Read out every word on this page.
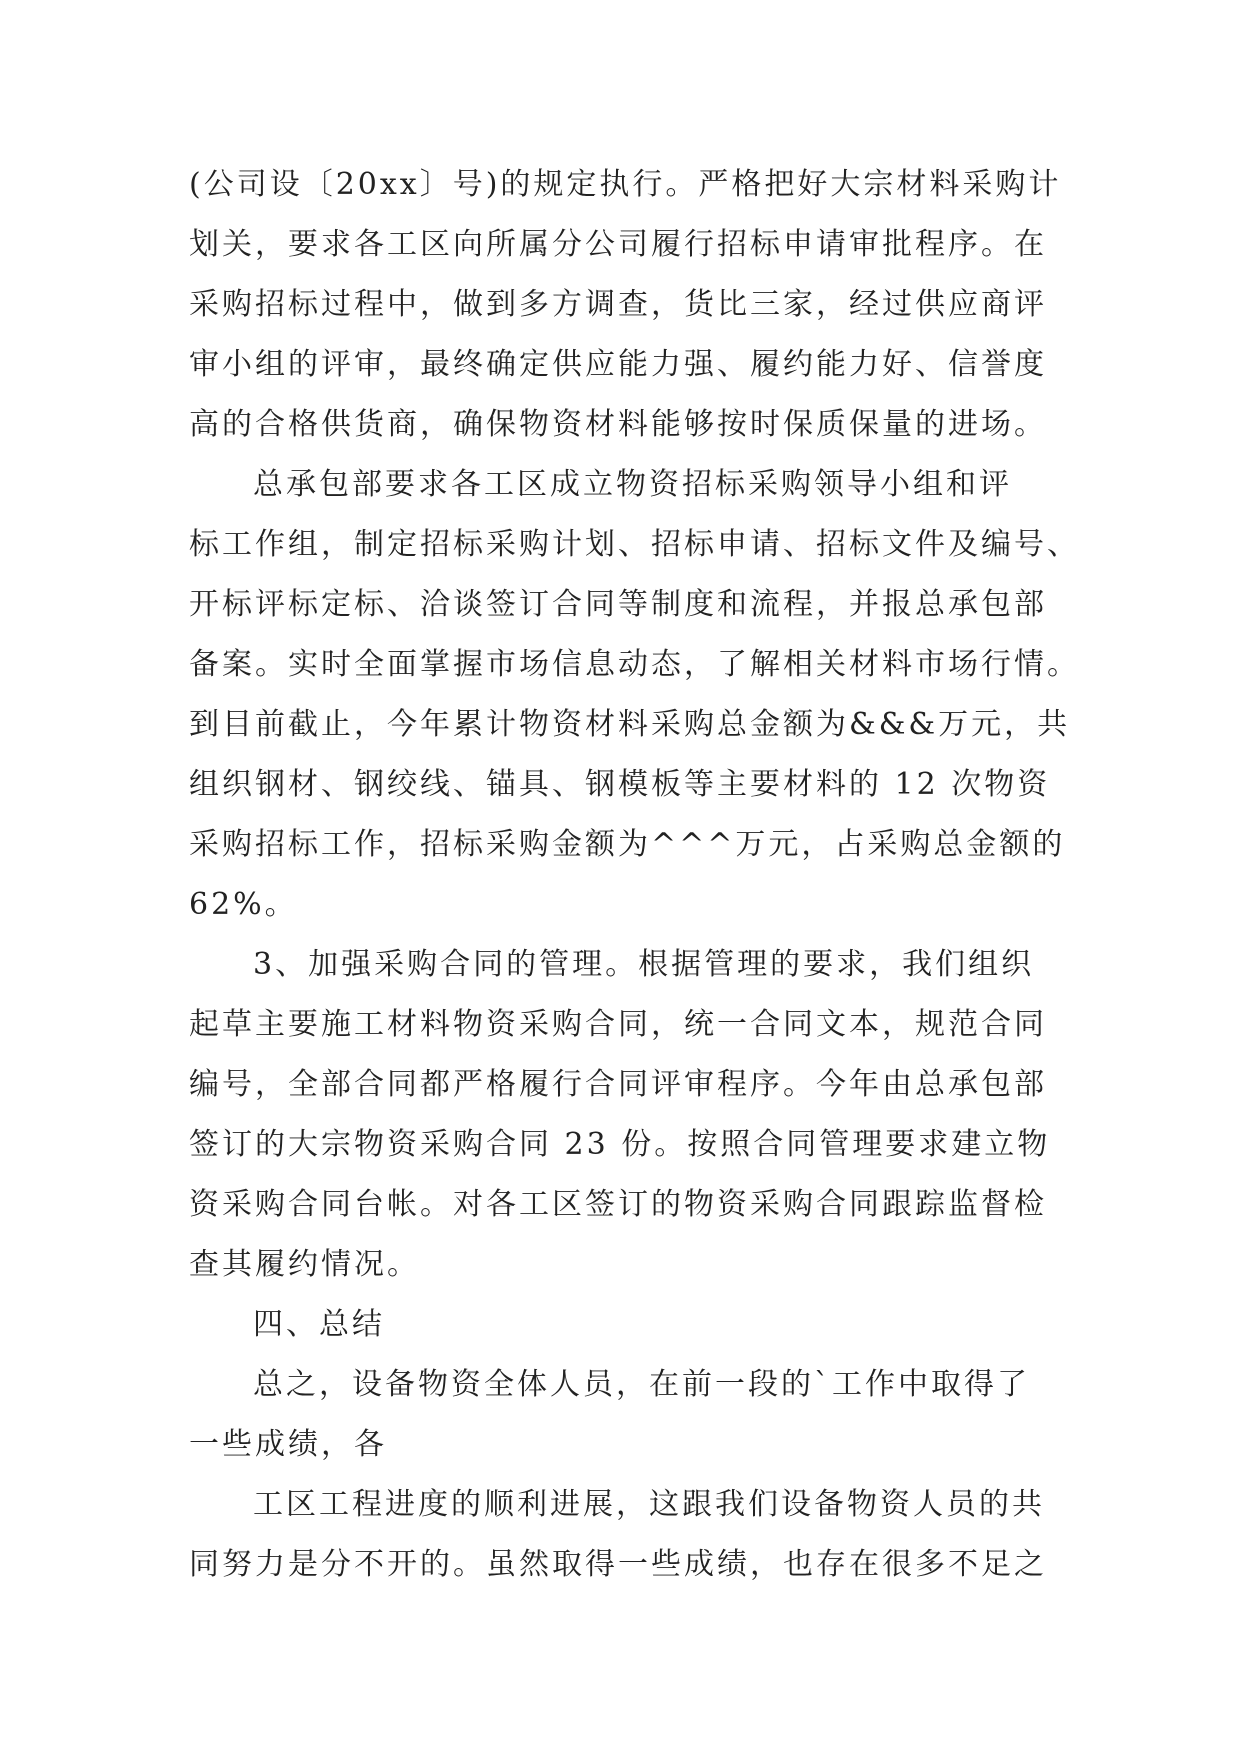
(公司设〔20xx〕号)的规定执行。严格把好大宗材料采购计
划关，要求各工区向所属分公司履行招标申请审批程序。在
采购招标过程中，做到多方调查，货比三家，经过供应商评
审小组的评审，最终确定供应能力强、履约能力好、信誉度
高的合格供货商，确保物资材料能够按时保质保量的进场。
总承包部要求各工区成立物资招标采购领导小组和评
标工作组，制定招标采购计划、招标申请、招标文件及编号、
开标评标定标、洽谈签订合同等制度和流程，并报总承包部
备案。实时全面掌握市场信息动态，了解相关材料市场行情。
到目前截止，今年累计物资材料采购总金额为&&&万元，共
组织钢材、钢绞线、锚具、钢模板等主要材料的 12 次物资
采购招标工作，招标采购金额为^^^万元，占采购总金额的
62%。
3、加强采购合同的管理。根据管理的要求，我们组织
起草主要施工材料物资采购合同，统一合同文本，规范合同
编号，全部合同都严格履行合同评审程序。今年由总承包部
签订的大宗物资采购合同 23 份。按照合同管理要求建立物
资采购合同台帐。对各工区签订的物资采购合同跟踪监督检
查其履约情况。
四、总结
总之，设备物资全体人员，在前一段的`工作中取得了
一些成绩，各
工区工程进度的顺利进展，这跟我们设备物资人员的共
同努力是分不开的。虽然取得一些成绩，也存在很多不足之
